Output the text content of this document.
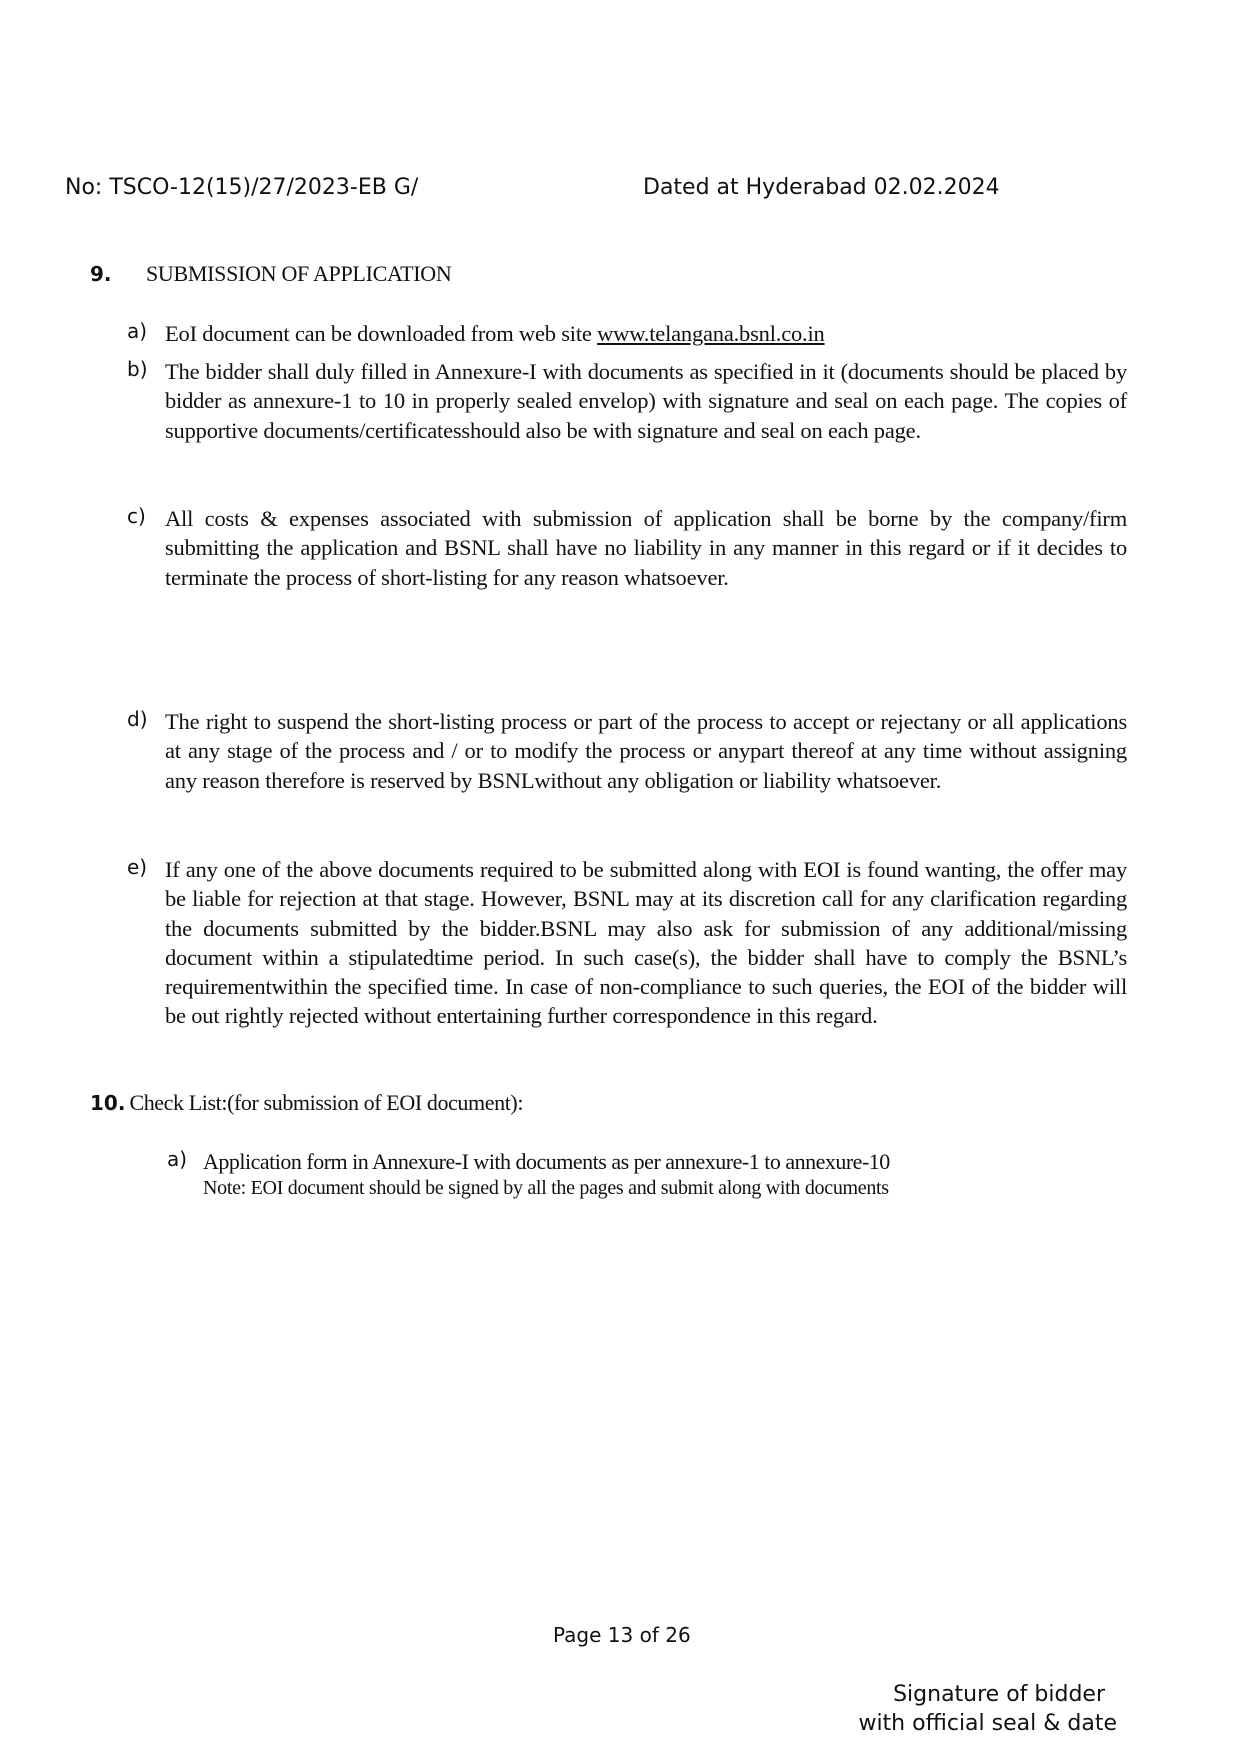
No: TSCO-12(15)/27/2023-EB G/	Dated at Hyderabad 02.02.2024
9. SUBMISSION OF APPLICATION
a) EoI document can be downloaded from web site www.telangana.bsnl.co.in
b) The bidder shall duly filled in Annexure-I with documents as specified in it (documents should be placed by bidder as annexure-1 to 10 in properly sealed envelop) with signature and seal on each page. The copies of supportive documents/certificatesshould also be with signature and seal on each page.
c) All costs & expenses associated with submission of application shall be borne by the company/firm submitting the application and BSNL shall have no liability in any manner in this regard or if it decides to terminate the process of short-listing for any reason whatsoever.
d) The right to suspend the short-listing process or part of the process to accept or rejectany or all applications at any stage of the process and / or to modify the process or anypart thereof at any time without assigning any reason therefore is reserved by BSNLwithout any obligation or liability whatsoever.
e) If any one of the above documents required to be submitted along with EOI is found wanting, the offer may be liable for rejection at that stage. However, BSNL may at its discretion call for any clarification regarding the documents submitted by the bidder.BSNL may also ask for submission of any additional/missing document within a stipulatedtime period. In such case(s), the bidder shall have to comply the BSNL’s requirementwithin the specified time. In case of non-compliance to such queries, the EOI of the bidder will be out rightly rejected without entertaining further correspondence in this regard.
10. Check List:(for submission of EOI document):
a) Application form in Annexure-I with documents as per annexure-1 to annexure-10
Note: EOI document should be signed by all the pages and submit along with documents
Page 13 of 26
Signature of bidder
with official seal & date
